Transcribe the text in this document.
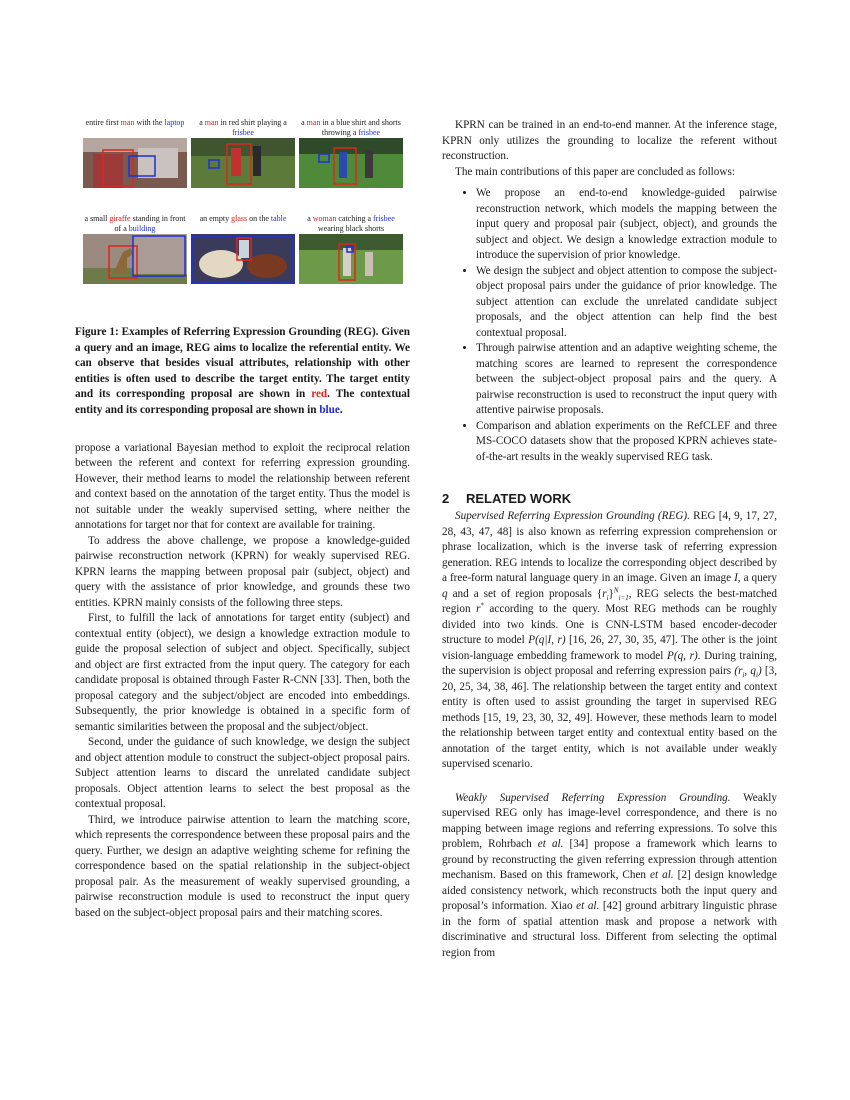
entire first man with the laptop	a man in red shirt playing a frisbee
a man in a blue shirt and shorts throwing a frisbee
a small giraffe standing in front of a building
an empty glass on the table	a woman catching a frisbee wearing black shorts

Figure 1: Examples of Referring Expression Grounding (REG). Given a query and an image, REG aims to localize the referential entity. We can observe that besides visual attributes, relationship with other entities is often used to describe the target entity. The target entity and its corresponding proposal are shown in red. The contextual entity and its corresponding proposal are shown in blue.

propose a variational Bayesian method to exploit the reciprocal relation between the referent and context for referring expression grounding. However, their method learns to model the relationship between referent and context based on the annotation of the target entity. Thus the model is not suitable under the weakly supervised setting, where neither the annotations for target nor that for context are available for training.

To address the above challenge, we propose a knowledge-guided pairwise reconstruction network (KPRN) for weakly supervised REG. KPRN learns the mapping between proposal pair (subject, object) and query with the assistance of prior knowledge, and grounds these two entities. KPRN mainly consists of the following three steps.

First, to fulfill the lack of annotations for target entity (subject) and contextual entity (object), we design a knowledge extraction module to guide the proposal selection of subject and object. Specifically, subject and object are first extracted from the input query. The category for each candidate proposal is obtained through Faster R-CNN [33]. Then, both the proposal category and the subject/object are encoded into embeddings. Subsequently, the prior knowledge is obtained in a specific form of semantic similarities between the proposal and the subject/object.

Second, under the guidance of such knowledge, we design the subject and object attention module to construct the subject-object proposal pairs. Subject attention learns to discard the unrelated candidate subject proposals. Object attention learns to select the best proposal as the contextual proposal.

Third, we introduce pairwise attention to learn the matching score, which represents the correspondence between these proposal pairs and the query. Further, we design an adaptive weighting scheme for refining the correspondence based on the spatial relationship in the subject-object proposal pair. As the measurement of weakly supervised grounding, a pairwise reconstruction module is used to reconstruct the input query based on the subject-object proposal pairs and their matching scores.

KPRN can be trained in an end-to-end manner. At the inference stage, KPRN only utilizes the grounding to localize the referent without reconstruction.

The main contributions of this paper are concluded as follows:

• We propose an end-to-end knowledge-guided pairwise reconstruction network, which models the mapping between the input query and proposal pair (subject, object), and grounds the subject and object. We design a knowledge extraction module to introduce the supervision of prior knowledge.
• We design the subject and object attention to compose the subject-object proposal pairs under the guidance of prior knowledge. The subject attention can exclude the unrelated candidate subject proposals, and the object attention can help find the best contextual proposal.
• Through pairwise attention and an adaptive weighting scheme, the matching scores are learned to represent the correspondence between the subject-object proposal pairs and the query. A pairwise reconstruction is used to reconstruct the input query with attentive pairwise proposals.
• Comparison and ablation experiments on the RefCLEF and three MS-COCO datasets show that the proposed KPRN achieves state-of-the-art results in the weakly supervised REG task.
2 RELATED WORK

Supervised Referring Expression Grounding (REG). REG [4, 9, 17, 27, 28, 43, 47, 48] is also known as referring expression comprehension or phrase localization, which is the inverse task of referring expression generation. REG intends to localize the corresponding object described by a free-form natural language query in an image. Given an image I, a query q and a set of region proposals $\{r_i\}^N_{i=1}$, REG selects the best-matched region r* according to the query. Most REG methods can be roughly divided into two kinds. One is CNN-LSTM based encoder-decoder structure to model P(q|I, r) [16, 26, 27, 30, 35, 47]. The other is the joint vision-language embedding framework to model P(q, r). During training, the supervision is object proposal and referring expression pairs ($r_i$, $q_i$) [3, 20, 25, 34, 38, 46]. The relationship between the target entity and context entity is often used to assist grounding the target in supervised REG methods [15, 19, 23, 30, 32, 49]. However, these methods learn to model the relationship between target entity and contextual entity based on the annotation of the target entity, which is not available under weakly supervised scenario.

Weakly Supervised Referring Expression Grounding. Weakly supervised REG only has image-level correspondence, and there is no mapping between image regions and referring expressions. To solve this problem, Rohrbach et al. [34] propose a framework which learns to ground by reconstructing the given referring expression through attention mechanism. Based on this framework, Chen et al. [2] design knowledge aided consistency network, which reconstructs both the input query and proposal’s information. Xiao et al. [42] ground arbitrary linguistic phrase in the form of spatial attention mask and propose a network with discriminative and structural loss. Different from selecting the optimal region from
